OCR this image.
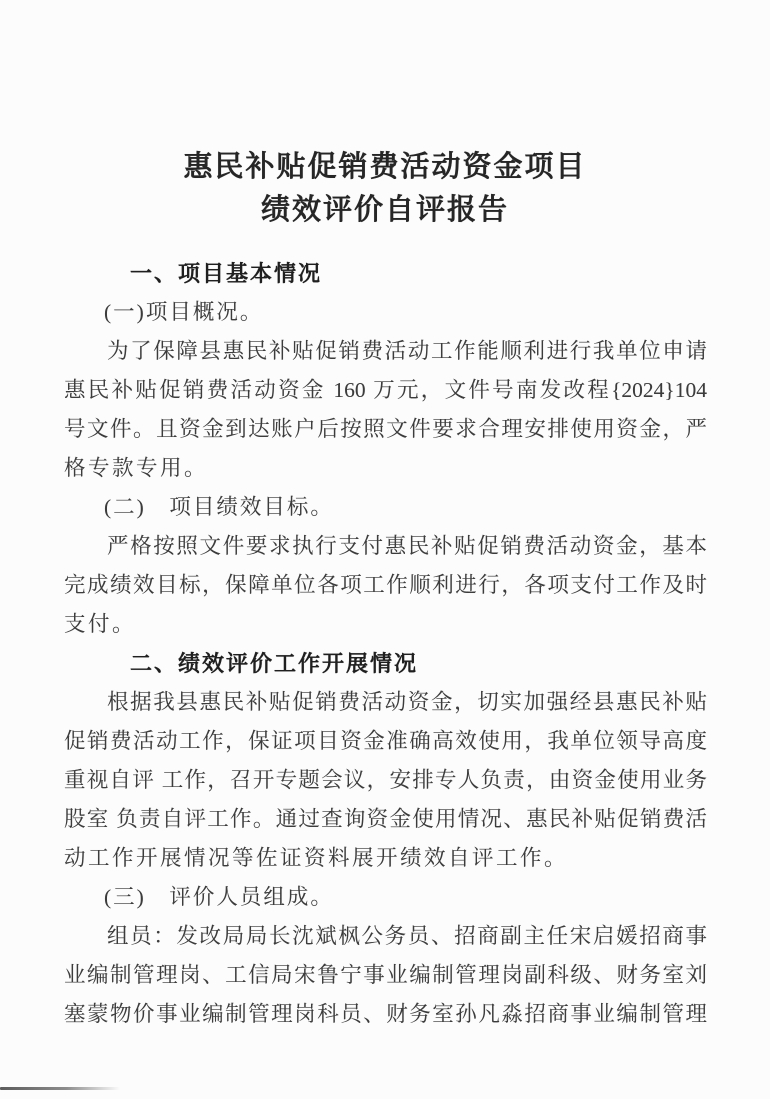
惠民补贴促销费活动资金项目
绩效评价自评报告
一、项目基本情况
(一)项目概况。
为了保障县惠民补贴促销费活动工作能顺利进行我单位申请
惠民补贴促销费活动资金 160 万元，文件号南发改程{2024}104
号文件。且资金到达账户后按照文件要求合理安排使用资金，严
格专款专用。
(二)　项目绩效目标。
严格按照文件要求执行支付惠民补贴促销费活动资金，基本
完成绩效目标，保障单位各项工作顺利进行，各项支付工作及时
支付。
二、绩效评价工作开展情况
根据我县惠民补贴促销费活动资金，切实加强经县惠民补贴
促销费活动工作，保证项目资金准确高效使用，我单位领导高度
重视自评 工作，召开专题会议，安排专人负责，由资金使用业务
股室 负责自评工作。通过查询资金使用情况、惠民补贴促销费活
动工作开展情况等佐证资料展开绩效自评工作。
(三)　评价人员组成。
组员：发改局局长沈斌枫公务员、招商副主任宋启媛招商事
业编制管理岗、工信局宋鲁宁事业编制管理岗副科级、财务室刘
塞蒙物价事业编制管理岗科员、财务室孙凡淼招商事业编制管理
